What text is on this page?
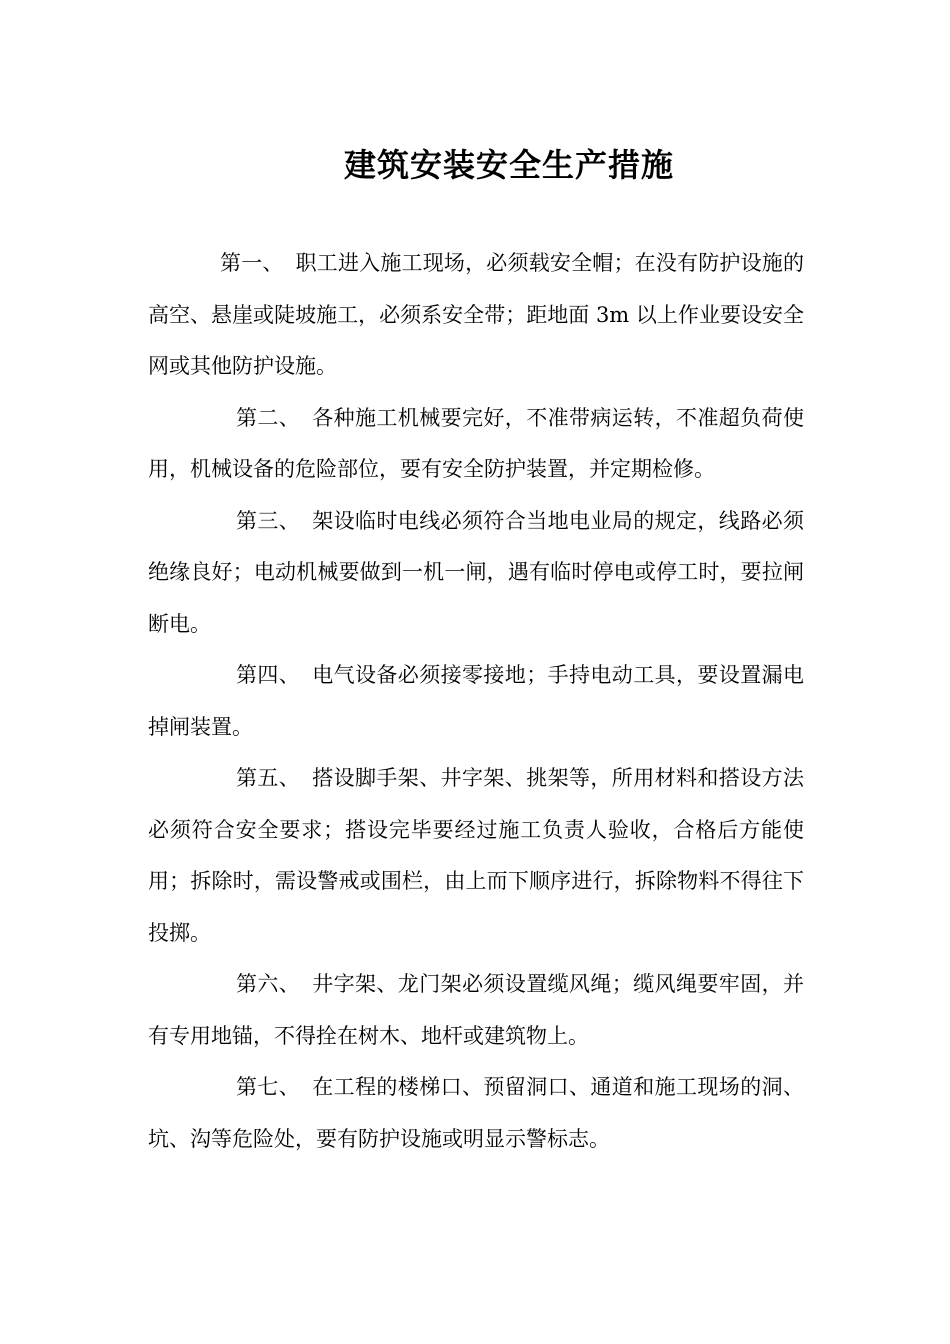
建筑安装安全生产措施

第一、 职工进入施工现场，必须载安全帽；在没有防护设施的高空、悬崖或陡坡施工，必须系安全带；距地面 3m 以上作业要设安全网或其他防护设施。

第二、 各种施工机械要完好，不准带病运转，不准超负荷使用，机械设备的危险部位，要有安全防护装置，并定期检修。

第三、 架设临时电线必须符合当地电业局的规定，线路必须绝缘良好；电动机械要做到一机一闸，遇有临时停电或停工时，要拉闸断电。

第四、 电气设备必须接零接地；手持电动工具，要设置漏电掉闸装置。

第五、 搭设脚手架、井字架、挑架等，所用材料和搭设方法必须符合安全要求；搭设完毕要经过施工负责人验收，合格后方能使用；拆除时，需设警戒或围栏，由上而下顺序进行，拆除物料不得往下投掷。

第六、 井字架、龙门架必须设置缆风绳；缆风绳要牢固，并有专用地锚，不得拴在树木、地杆或建筑物上。

第七、 在工程的楼梯口、预留洞口、通道和施工现场的洞、坑、沟等危险处，要有防护设施或明显示警标志。
